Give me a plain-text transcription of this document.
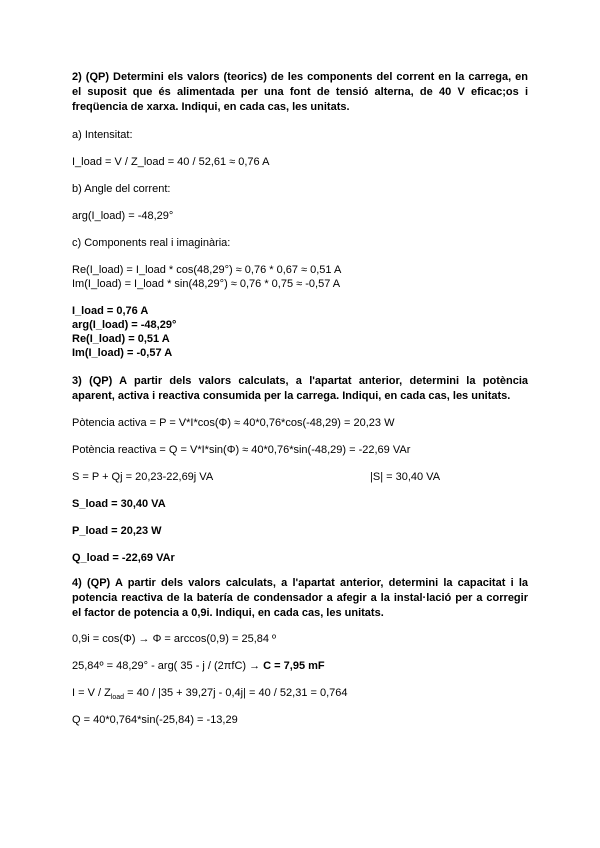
2) (QP) Determini els valors (teorics) de les components del corrent en la carrega, en
el suposit que és alimentada per una font de tensió alterna, de 40 V eficac;os i
freqüencia de xarxa. Indiqui, en cada cas, les unitats.
a) Intensitat:
I_load = V / Z_load = 40 / 52,61 ≈ 0,76 A
b) Angle del corrent:
arg(I_load) = -48,29°
c) Components real i imaginària:
Re(I_load) = I_load * cos(48,29°) ≈ 0,76 * 0,67 ≈ 0,51 A
Im(I_load) = I_load * sin(48,29°) ≈ 0,76 * 0,75 ≈ -0,57 A
I_load = 0,76 A
arg(I_load) = -48,29°
Re(I_load) = 0,51 A
Im(I_load) = -0,57 A
3) (QP) A partir dels valors calculats, a l'apartat anterior, determini la potència
aparent, activa i reactiva consumida per la carrega. Indiqui, en cada cas, les unitats.
Pòtencia activa = P = V*I*cos(Φ) ≈ 40*0,76*cos(-48,29) = 20,23 W
Potència reactiva = Q = V*I*sin(Φ) ≈ 40*0,76*sin(-48,29) = -22,69 VAr
S = P + Qj = 20,23-22,69j VA	|S| = 30,40 VA
S_load = 30,40 VA
P_load = 20,23 W
Q_load = -22,69 VAr
4) (QP) A partir dels valors calculats, a l'apartat anterior, determini la capacitat i la
potencia reactiva de la batería de condensador a afegir a la instal·lació per a corregir
el factor de potencia a 0,9i. Indiqui, en cada cas, les unitats.
0,9i = cos(Φ) → Φ = arccos(0,9) = 25,84 º
25,84º = 48,29° - arg( 35 - j / (2πfC) → C = 7,95 mF
$I = V / Z_{load} = 40 / |35 + 39,27j - 0,4j| = 40 / 52,31 = 0,764$
Q = 40*0,764*sin(-25,84) = -13,29
